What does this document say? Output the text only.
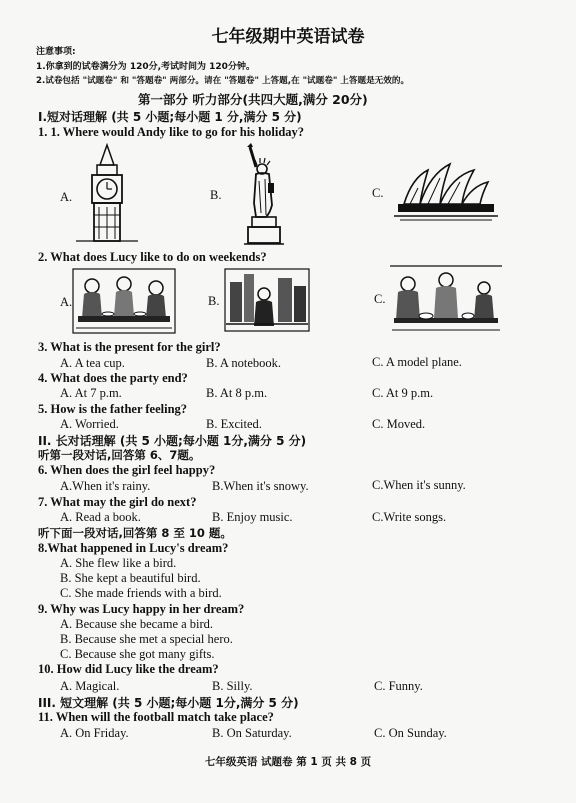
七年级期中英语试卷
注意事项:
1.你拿到的试卷满分为 120分,考试时间为 120分钟。
2.试卷包括 "试题卷" 和 "答题卷" 两部分。请在 "答题卷" 上答题,在 "试题卷" 上答题是无效的。
第一部分 听力部分(共四大题,满分 20分)
I.短对话理解 (共 5 小题;每小题 1 分,满分 5 分)
1. 1. Where would Andy like to go for his holiday?
A.	B.	C.
2. What does Lucy like to do on weekends?
A.	B.	C.
3. What is the present for the girl?
A. A tea cup.	B. A notebook.	C. A model plane.
4. What does the party end?
A. At 7 p.m.	B. At 8 p.m.	C. At 9 p.m.
5. How is the father feeling?
A. Worried.	B. Excited.	C. Moved.
II. 长对话理解 (共 5 小题;每小题 1分,满分 5 分)
听第一段对话,回答第 6、7题。
6. When does the girl feel happy?
A.When it's rainy.	B.When it's snowy.	C.When it's sunny.
7. What may the girl do next?
A. Read a book.	B. Enjoy music.	C.Write songs.
听下面一段对话,回答第 8 至 10 题。
8.What happened in Lucy's dream?
A. She flew like a bird.
B. She kept a beautiful bird.
C. She made friends with a bird.
9. Why was Lucy happy in her dream?
A. Because she became a bird.
B. Because she met a special hero.
C. Because she got many gifts.
10. How did Lucy like the dream?
A. Magical.	B. Silly.	C. Funny.
III. 短文理解 (共 5 小题;每小题 1分,满分 5 分)
11. When will the football match take place?
A. On Friday.	B. On Saturday.	C. On Sunday.
七年级英语 试题卷 第 1 页 共 8 页
